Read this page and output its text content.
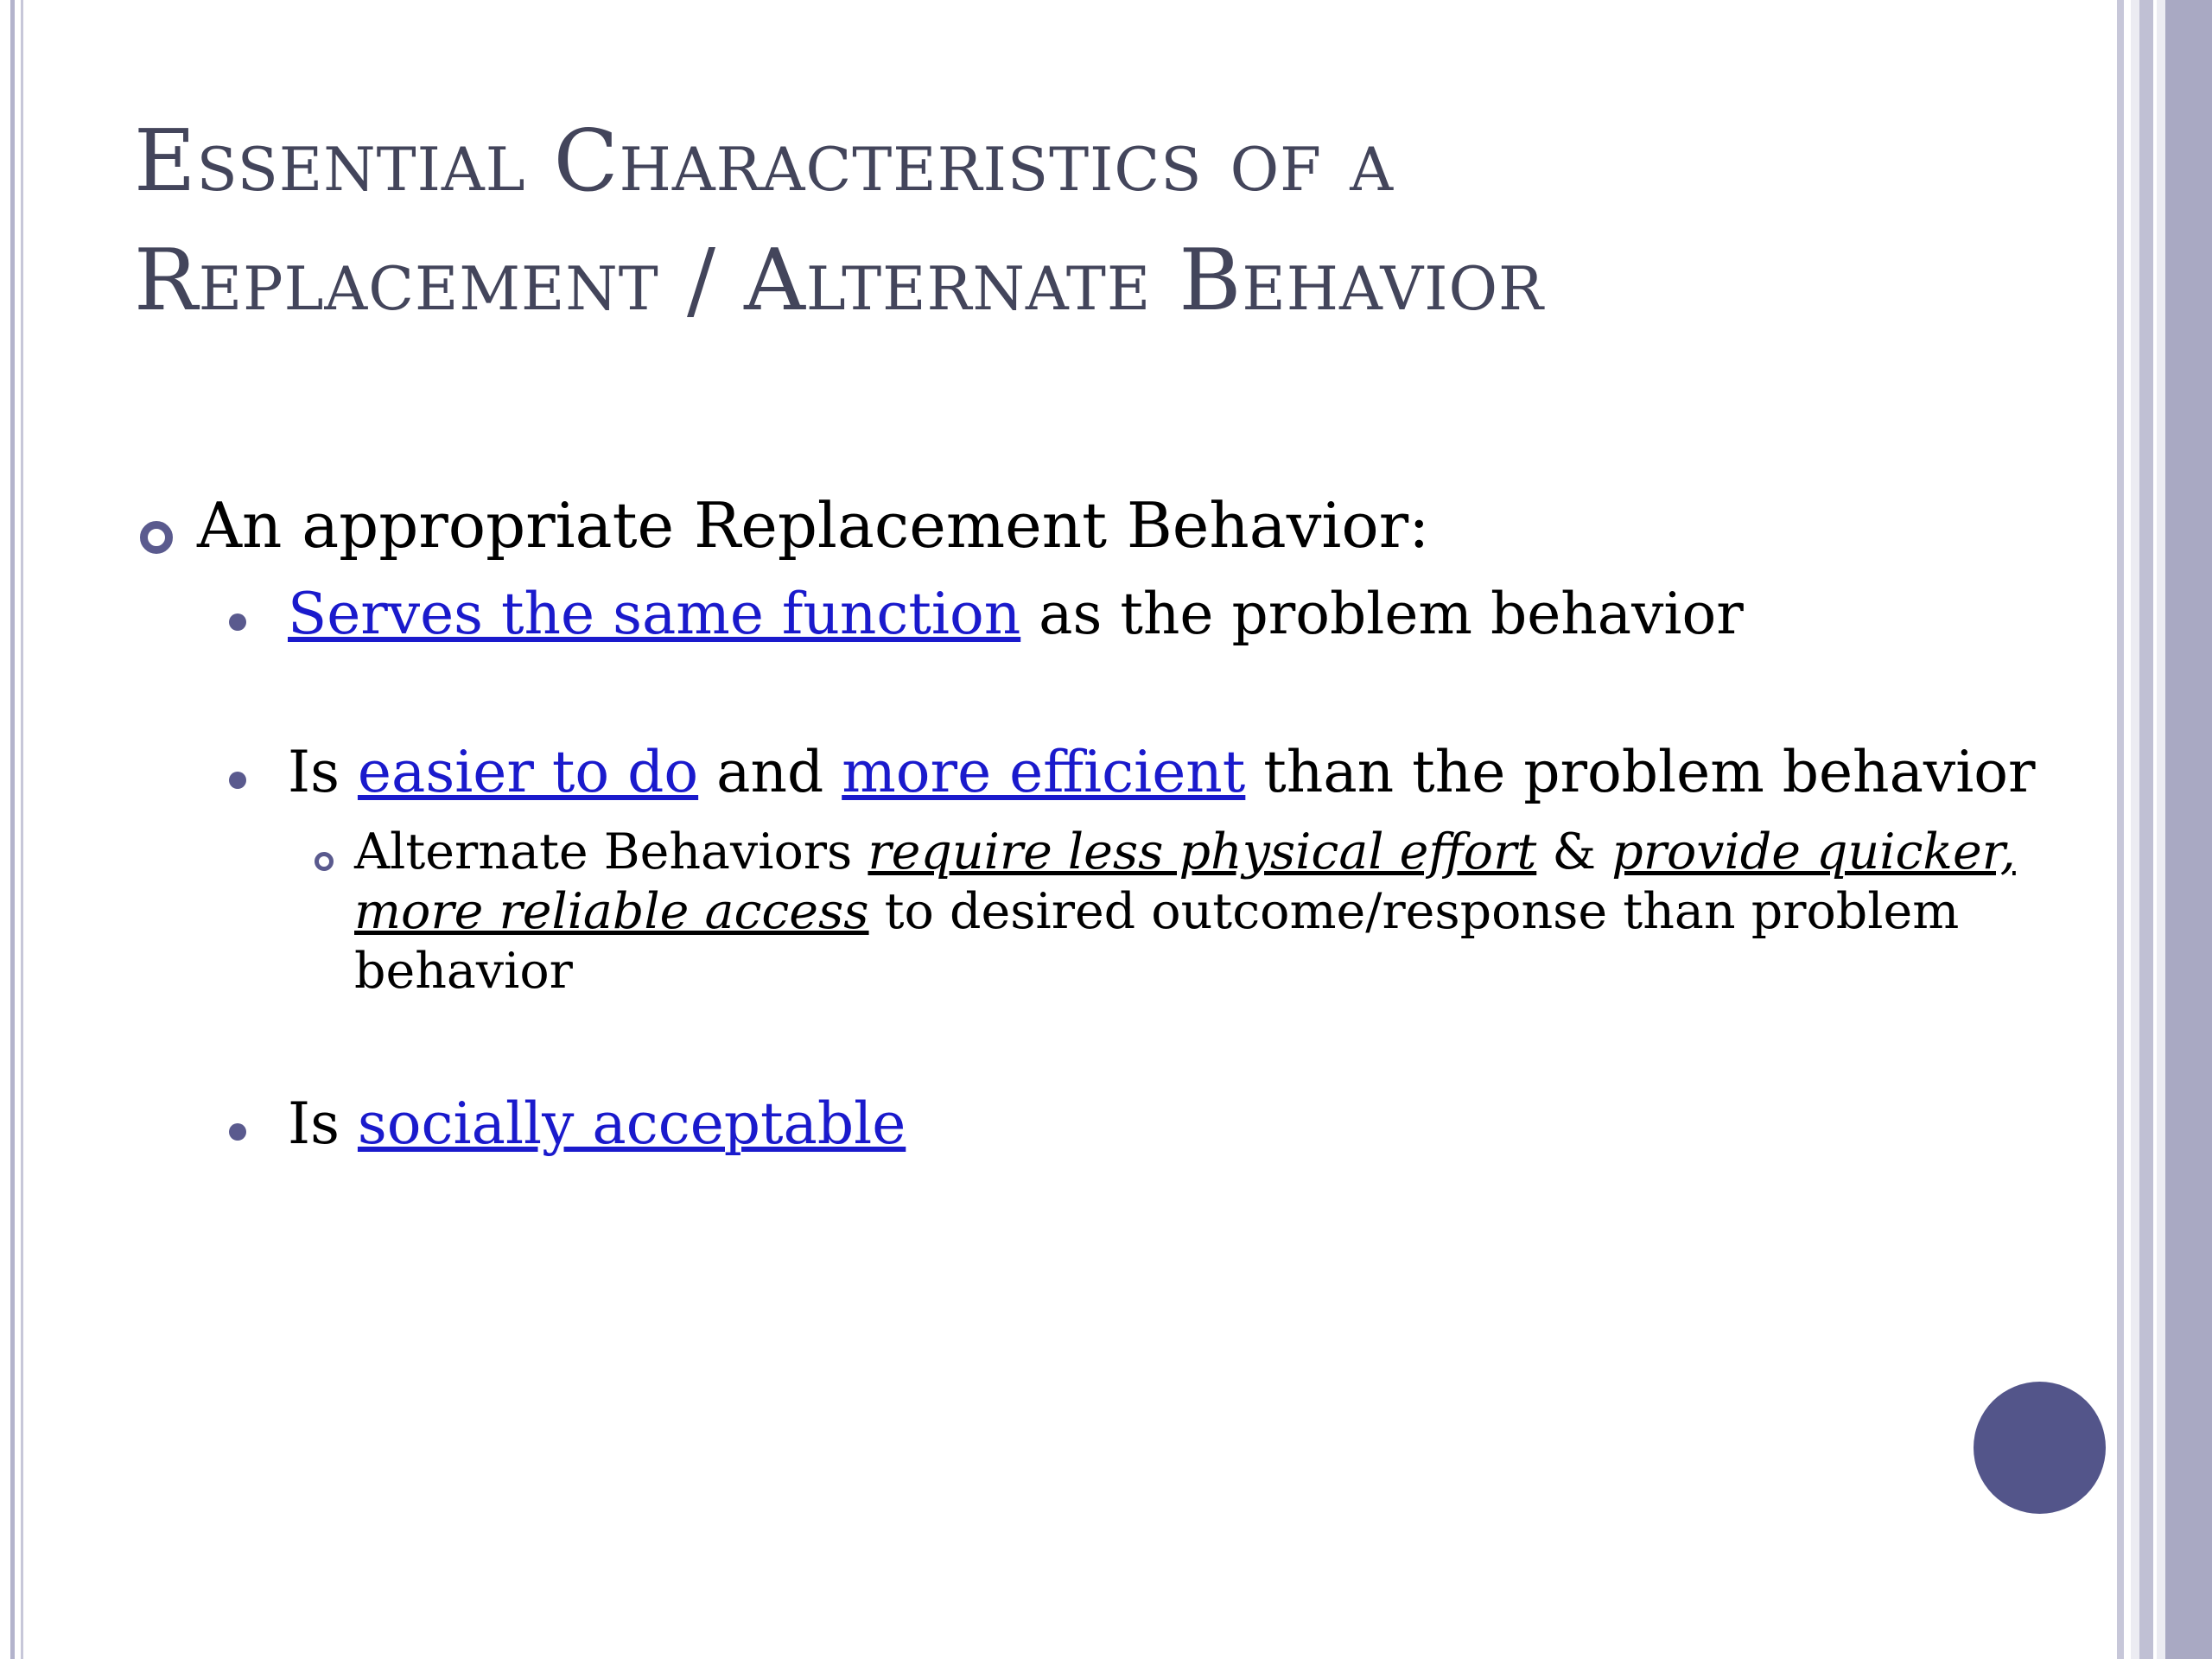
Essential Characteristics of a
Replacement / Alternate Behavior
An appropriate Replacement Behavior:
Serves the same function as the problem behavior
Is easier to do and more efficient than the problem behavior
Alternate Behaviors require less physical effort & provide quicker, more reliable access to desired outcome/response than problem behavior
Is socially acceptable
